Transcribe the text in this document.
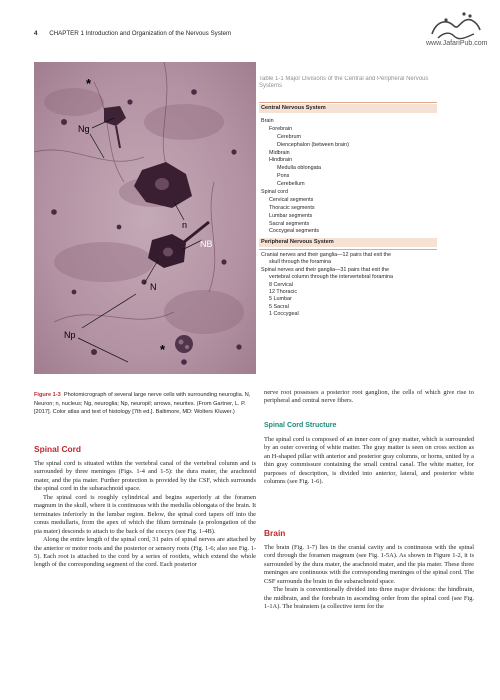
4 CHAPTER 1 Introduction and Organization of the Nervous System
www.JafariPub.com
*
Ng
n
NB
N
Np
*
Table 1-1 Major Divisions of the Central and Peripheral Nervous Systems
Central Nervous System
Brain
Forebrain
Cerebrum
Diencephalon (between brain)
Midbrain
Hindbrain
Medulla oblongata
Pons
Cerebellum
Spinal cord
Cervical segments
Thoracic segments
Lumbar segments
Sacral segments
Coccygeal segments
Peripheral Nervous System
Cranial nerves and their ganglia—12 pairs that exit the
skull through the foramina
Spinal nerves and their ganglia—31 pairs that exit the
vertebral column through the intervertebral foramina
8 Cervical
12 Thoracic
5 Lumbar
5 Sacral
1 Coccygeal
Figure 1-3 Photomicrograph of several large nerve cells with surrounding neuroglia. N, Neuron; n, nucleus; Ng, neuroglia; Np, neuropil; arrows, neurites. (From Gartner, L. P. [2017]. Color atlas and text of histology [7th ed.]. Baltimore, MD: Wolters Kluwer.)
Spinal Cord

The spinal cord is situated within the vertebral canal of the vertebral column and is surrounded by three meninges (Figs. 1-4 and 1-5): the dura mater, the arachnoid mater, and the pia mater. Further protection is provided by the CSF, which surrounds the spinal cord in the subarachnoid space.

The spinal cord is roughly cylindrical and begins superiorly at the foramen magnum in the skull, where it is continuous with the medulla oblongata of the brain. It terminates inferiorly in the lumbar region. Below, the spinal cord tapers off into the conus medullaris, from the apex of which the filum terminale (a prolongation of the pia mater) descends to attach to the back of the coccyx (see Fig. 1-4B).

Along the entire length of the spinal cord, 31 pairs of spinal nerves are attached by the anterior or motor roots and the posterior or sensory roots (Fig. 1-6; also see Fig. 1-5). Each root is attached to the cord by a series of rootlets, which extend the whole length of the corresponding segment of the cord. Each posterior

nerve root possesses a posterior root ganglion, the cells of which give rise to peripheral and central nerve fibers.

Spinal Cord Structure

The spinal cord is composed of an inner core of gray matter, which is surrounded by an outer covering of white matter. The gray matter is seen on cross section as an H-shaped pillar with anterior and posterior gray columns, or horns, united by a thin gray commissure containing the small central canal. The white matter, for purposes of description, is divided into anterior, lateral, and posterior white columns (see Fig. 1-6).

Brain

The brain (Fig. 1-7) lies in the cranial cavity and is continuous with the spinal cord through the foramen magnum (see Fig. 1-5A). As shown in Figure 1-2, it is surrounded by the dura mater, the arachnoid mater, and the pia mater. These three meninges are continuous with the corresponding meninges of the spinal cord. The CSF surrounds the brain in the subarachnoid space.

The brain is conventionally divided into three major divisions: the hindbrain, the midbrain, and the forebrain in ascending order from the spinal cord (see Fig. 1-1A). The brainstem (a collective term for the
